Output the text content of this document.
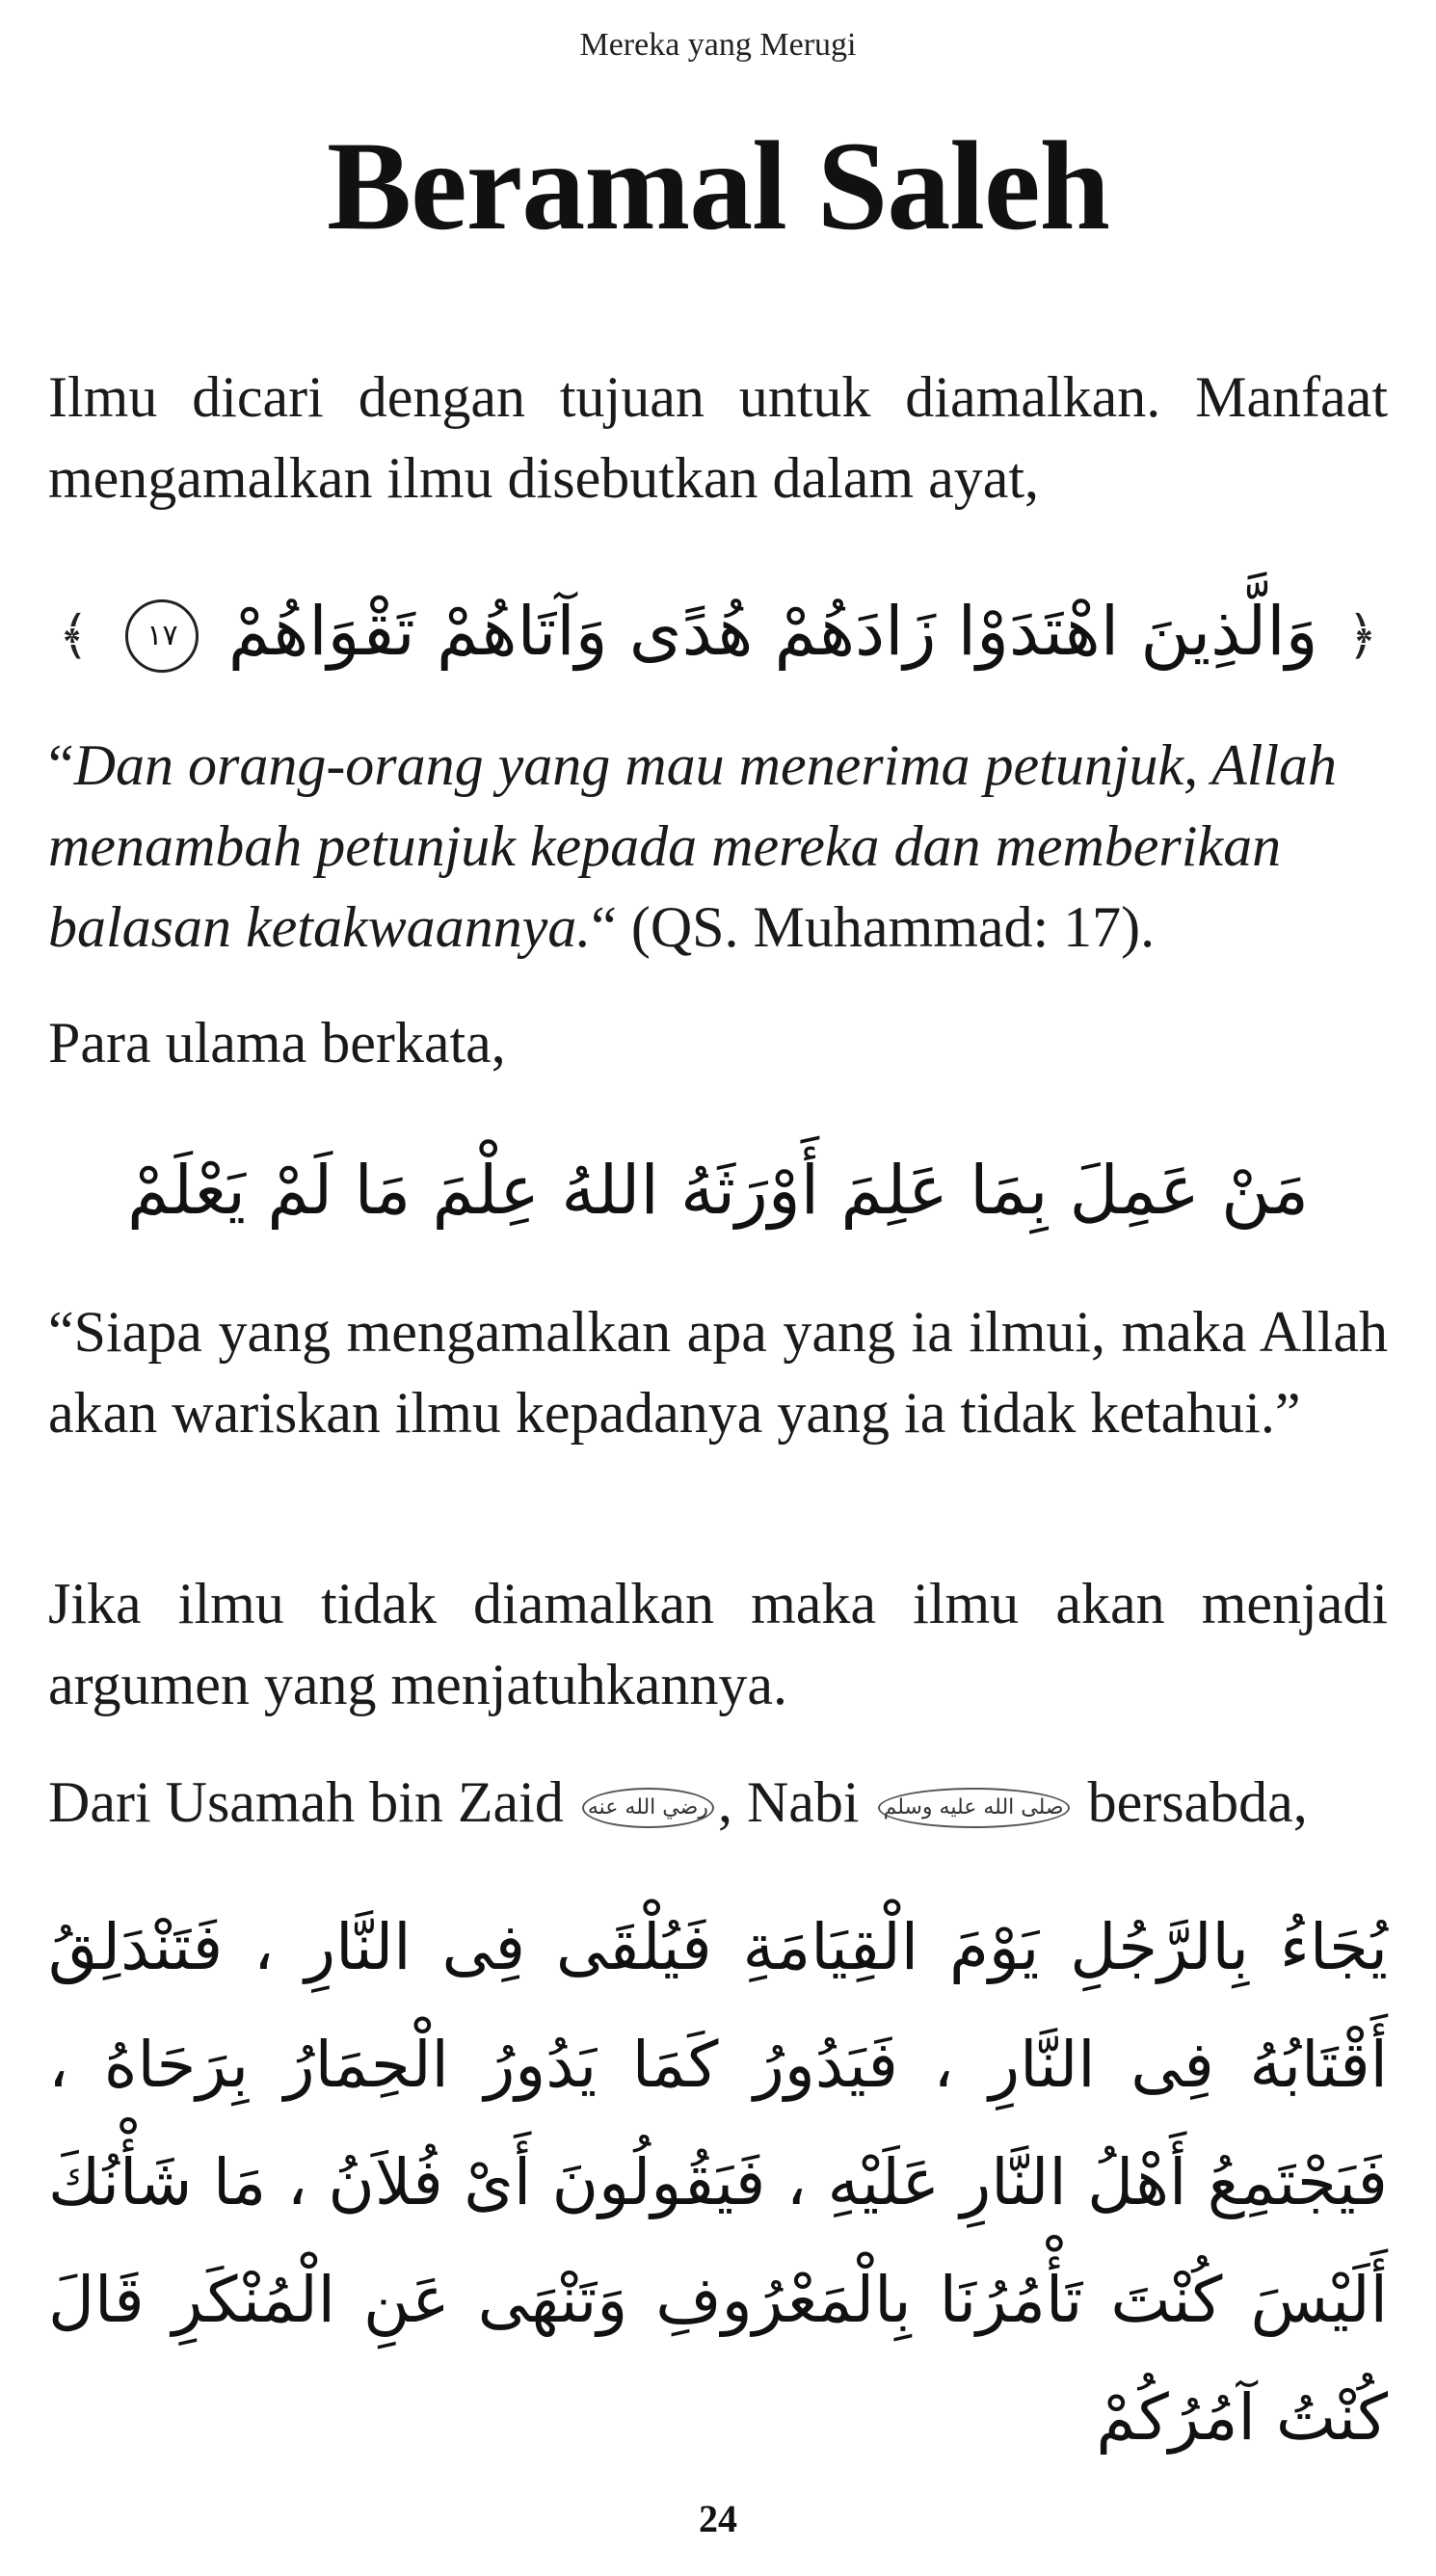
Mereka yang Merugi
Beramal Saleh
Ilmu dicari dengan tujuan untuk diamalkan. Manfaat mengamalkan ilmu disebutkan dalam ayat,
﴿ وَالَّذِينَ اهْتَدَوْا زَادَهُمْ هُدًى وَآتَاهُمْ تَقْوَاهُمْ ١٧ ﴾
“Dan orang-orang yang mau menerima petunjuk, Allah menambah petunjuk kepada mereka dan memberikan balasan ketakwaannya.“ (QS. Muhammad: 17).
Para ulama berkata,
مَنْ عَمِلَ بِمَا عَلِمَ أَوْرَثَهُ اللهُ عِلْمَ مَا لَمْ يَعْلَمْ
“Siapa yang mengamalkan apa yang ia ilmui, maka Allah akan wariskan ilmu kepadanya yang ia tidak ketahui.”
Jika ilmu tidak diamalkan maka ilmu akan menjadi argumen yang menjatuhkannya.
Dari Usamah bin Zaid رضي الله عنه , Nabi صلى الله عليه وسلم bersabda,
يُجَاءُ بِالرَّجُلِ يَوْمَ الْقِيَامَةِ فَيُلْقَى فِى النَّارِ ، فَتَنْدَلِقُ أَقْتَابُهُ فِى النَّارِ ، فَيَدُورُ كَمَا يَدُورُ الْحِمَارُ بِرَحَاهُ ، فَيَجْتَمِعُ أَهْلُ النَّارِ عَلَيْهِ ، فَيَقُولُونَ أَىْ فُلاَنُ ، مَا شَأْنُكَ أَلَيْسَ كُنْتَ تَأْمُرُنَا بِالْمَعْرُوفِ وَتَنْهَى عَنِ الْمُنْكَرِ قَالَ كُنْتُ آمُرُكُمْ
24
